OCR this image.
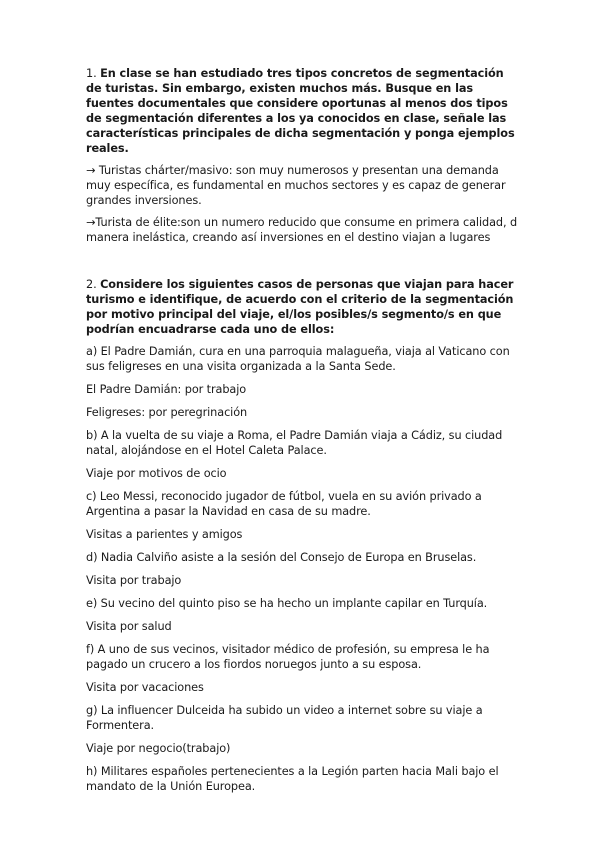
1. En clase se han estudiado tres tipos concretos de segmentación de turistas. Sin embargo, existen muchos más. Busque en las fuentes documentales que considere oportunas al menos dos tipos de segmentación diferentes a los ya conocidos en clase, señale las características principales de dicha segmentación y ponga ejemplos reales.

→ Turistas chárter/masivo: son muy numerosos y presentan una demanda muy específica, es fundamental en muchos sectores y es capaz de generar grandes inversiones.

→Turista de élite:son un numero reducido que consume en primera calidad, d manera inelástica, creando así inversiones en el destino viajan a lugares

2. Considere los siguientes casos de personas que viajan para hacer turismo e identifique, de acuerdo con el criterio de la segmentación por motivo principal del viaje, el/los posibles/s segmento/s en que podrían encuadrarse cada uno de ellos:

a) El Padre Damián, cura en una parroquia malagueña, viaja al Vaticano con sus feligreses en una visita organizada a la Santa Sede.

El Padre Damián: por trabajo

Feligreses: por peregrinación

b) A la vuelta de su viaje a Roma, el Padre Damián viaja a Cádiz, su ciudad natal, alojándose en el Hotel Caleta Palace.

Viaje por motivos de ocio

c) Leo Messi, reconocido jugador de fútbol, vuela en su avión privado a Argentina a pasar la Navidad en casa de su madre.

Visitas a parientes y amigos

d) Nadia Calviño asiste a la sesión del Consejo de Europa en Bruselas.

Visita por trabajo

e) Su vecino del quinto piso se ha hecho un implante capilar en Turquía.

Visita por salud

f) A uno de sus vecinos, visitador médico de profesión, su empresa le ha pagado un crucero a los fiordos noruegos junto a su esposa.

Visita por vacaciones

g) La influencer Dulceida ha subido un video a internet sobre su viaje a Formentera.

Viaje por negocio(trabajo)

h) Militares españoles pertenecientes a la Legión parten hacia Mali bajo el mandato de la Unión Europea.
